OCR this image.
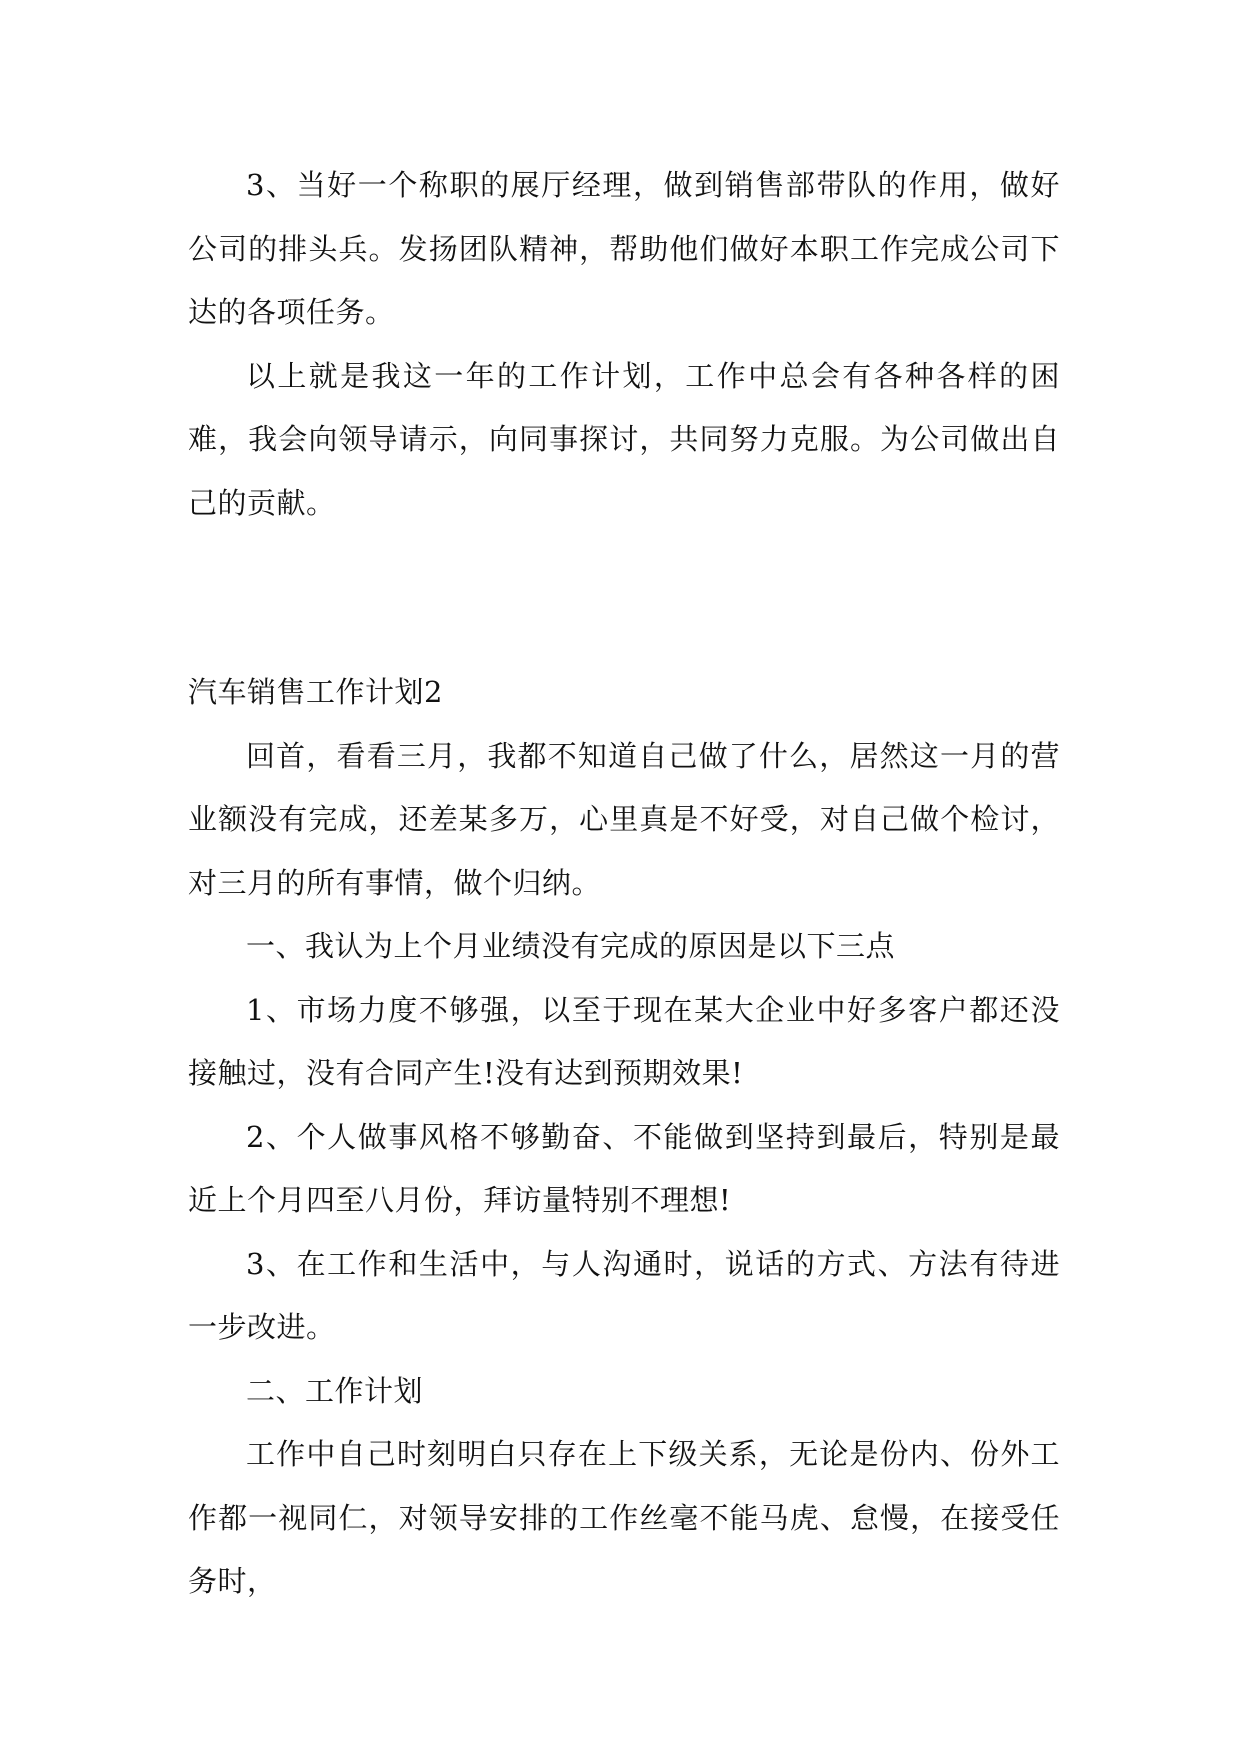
3、当好一个称职的展厅经理，做到销售部带队的作用，做好公司的排头兵。发扬团队精神，帮助他们做好本职工作完成公司下达的各项任务。

以上就是我这一年的工作计划，工作中总会有各种各样的困难，我会向领导请示，向同事探讨，共同努力克服。为公司做出自己的贡献。

汽车销售工作计划2

回首，看看三月，我都不知道自己做了什么，居然这一月的营业额没有完成，还差某多万，心里真是不好受，对自己做个检讨，对三月的所有事情，做个归纳。

一、我认为上个月业绩没有完成的原因是以下三点

1、市场力度不够强，以至于现在某大企业中好多客户都还没接触过，没有合同产生!没有达到预期效果!

2、个人做事风格不够勤奋、不能做到坚持到最后，特别是最近上个月四至八月份，拜访量特别不理想!

3、在工作和生活中，与人沟通时，说话的方式、方法有待进一步改进。

二、工作计划

工作中自己时刻明白只存在上下级关系，无论是份内、份外工作都一视同仁，对领导安排的工作丝毫不能马虎、怠慢，在接受任务时，
